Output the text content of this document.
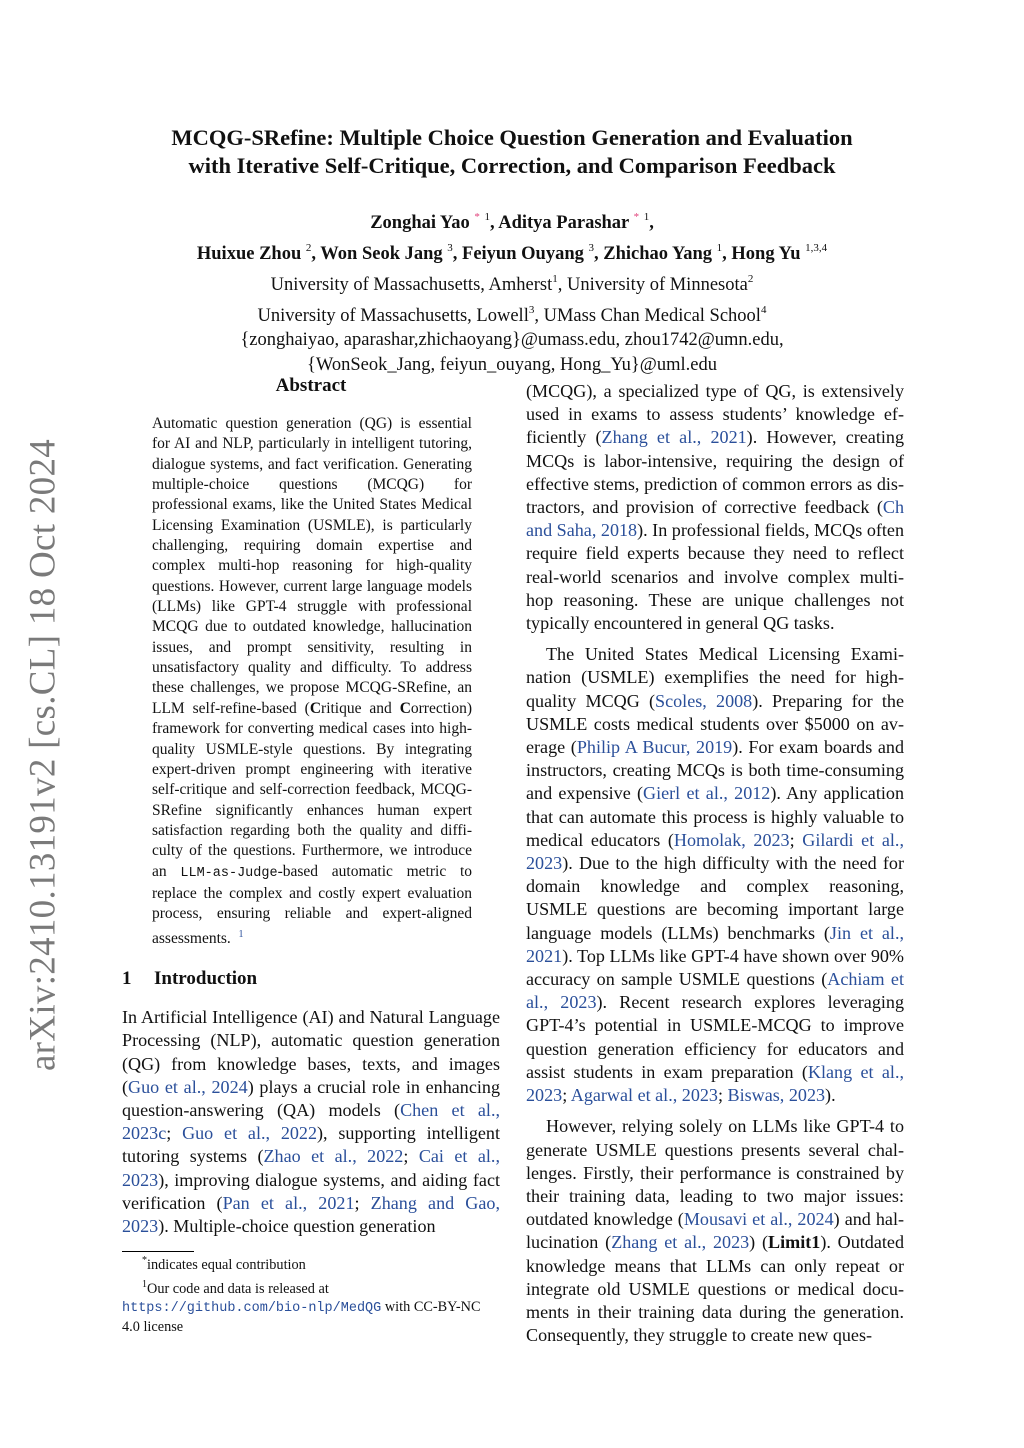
arXiv:2410.13191v2 [cs.CL] 18 Oct 2024
MCQG-SRefine: Multiple Choice Question Generation and Evaluation
with Iterative Self-Critique, Correction, and Comparison Feedback
Zonghai Yao * $^1$, Aditya Parashar * $^1$,
Huixue Zhou $^2$, Won Seok Jang $^3$, Feiyun Ouyang $^3$, Zhichao Yang $^1$, Hong Yu $^{1,3,4}$
University of Massachusetts, Amherst$^1$, University of Minnesota$^2$
University of Massachusetts, Lowell$^3$, UMass Chan Medical School$^4$
{zonghaiyao, aparashar,zhichaoyang}@umass.edu, zhou1742@umn.edu,
{WonSeok_Jang, feiyun_ouyang, Hong_Yu}@uml.edu
Abstract

Automatic question generation (QG) is essential for AI and NLP, particularly in intelligent tutoring, dialogue systems, and fact verification. Generating multiple-choice questions (MCQG) for professional exams, like the United States Medical Licensing Examination (USMLE), is particularly challenging, requiring domain expertise and complex multi-hop reasoning for high-quality questions. However, current large language models (LLMs) like GPT-4 struggle with professional MCQG due to outdated knowledge, hallucination issues, and prompt sensitivity, resulting in unsatisfactory quality and difficulty. To address these challenges, we propose MCQG-SRefine, an LLM self-refine-based (Critique and Correction) framework for converting medical cases into high-quality USMLE-style questions. By integrating expert-driven prompt engineering with iterative self-critique and self-correction feedback, MCQG-SRefine significantly enhances human expert satisfaction regarding both the quality and difficulty of the questions. Furthermore, we introduce an LLM-as-Judge-based automatic metric to replace the complex and costly expert evaluation process, ensuring reliable and expert-aligned assessments. $^1$

1 Introduction

In Artificial Intelligence (AI) and Natural Language Processing (NLP), automatic question generation (QG) from knowledge bases, texts, and images (Guo et al., 2024) plays a crucial role in enhancing question-answering (QA) models (Chen et al., 2023c; Guo et al., 2022), supporting intelligent tutoring systems (Zhao et al., 2022; Cai et al., 2023), improving dialogue systems, and aiding fact verification (Pan et al., 2021; Zhang and Gao, 2023). Multiple-choice question generation

*indicates equal contribution

$^1$Our code and data is released at https://github.com/bio-nlp/MedQG with CC-BY-NC 4.0 license

(MCQG), a specialized type of QG, is extensively used in exams to assess students’ knowledge efficiently (Zhang et al., 2021). However, creating MCQs is labor-intensive, requiring the design of effective stems, prediction of common errors as distractors, and provision of corrective feedback (Ch and Saha, 2018). In professional fields, MCQs often require field experts because they need to reflect real-world scenarios and involve complex multi-hop reasoning. These are unique challenges not typically encountered in general QG tasks.

The United States Medical Licensing Examination (USMLE) exemplifies the need for high-quality MCQG (Scoles, 2008). Preparing for the USMLE costs medical students over $5000 on average (Philip A Bucur, 2019). For exam boards and instructors, creating MCQs is both time-consuming and expensive (Gierl et al., 2012). Any application that can automate this process is highly valuable to medical educators (Homolak, 2023; Gilardi et al., 2023). Due to the high difficulty with the need for domain knowledge and complex reasoning, USMLE questions are becoming important large language models (LLMs) benchmarks (Jin et al., 2021). Top LLMs like GPT-4 have shown over 90% accuracy on sample USMLE questions (Achiam et al., 2023). Recent research explores leveraging GPT-4’s potential in USMLE-MCQG to improve question generation efficiency for educators and assist students in exam preparation (Klang et al., 2023; Agarwal et al., 2023; Biswas, 2023).

However, relying solely on LLMs like GPT-4 to generate USMLE questions presents several challenges. Firstly, their performance is constrained by their training data, leading to two major issues: outdated knowledge (Mousavi et al., 2024) and hallucination (Zhang et al., 2023) (Limit1). Outdated knowledge means that LLMs can only repeat or integrate old USMLE questions or medical documents in their training data during the generation. Consequently, they struggle to create new ques-
